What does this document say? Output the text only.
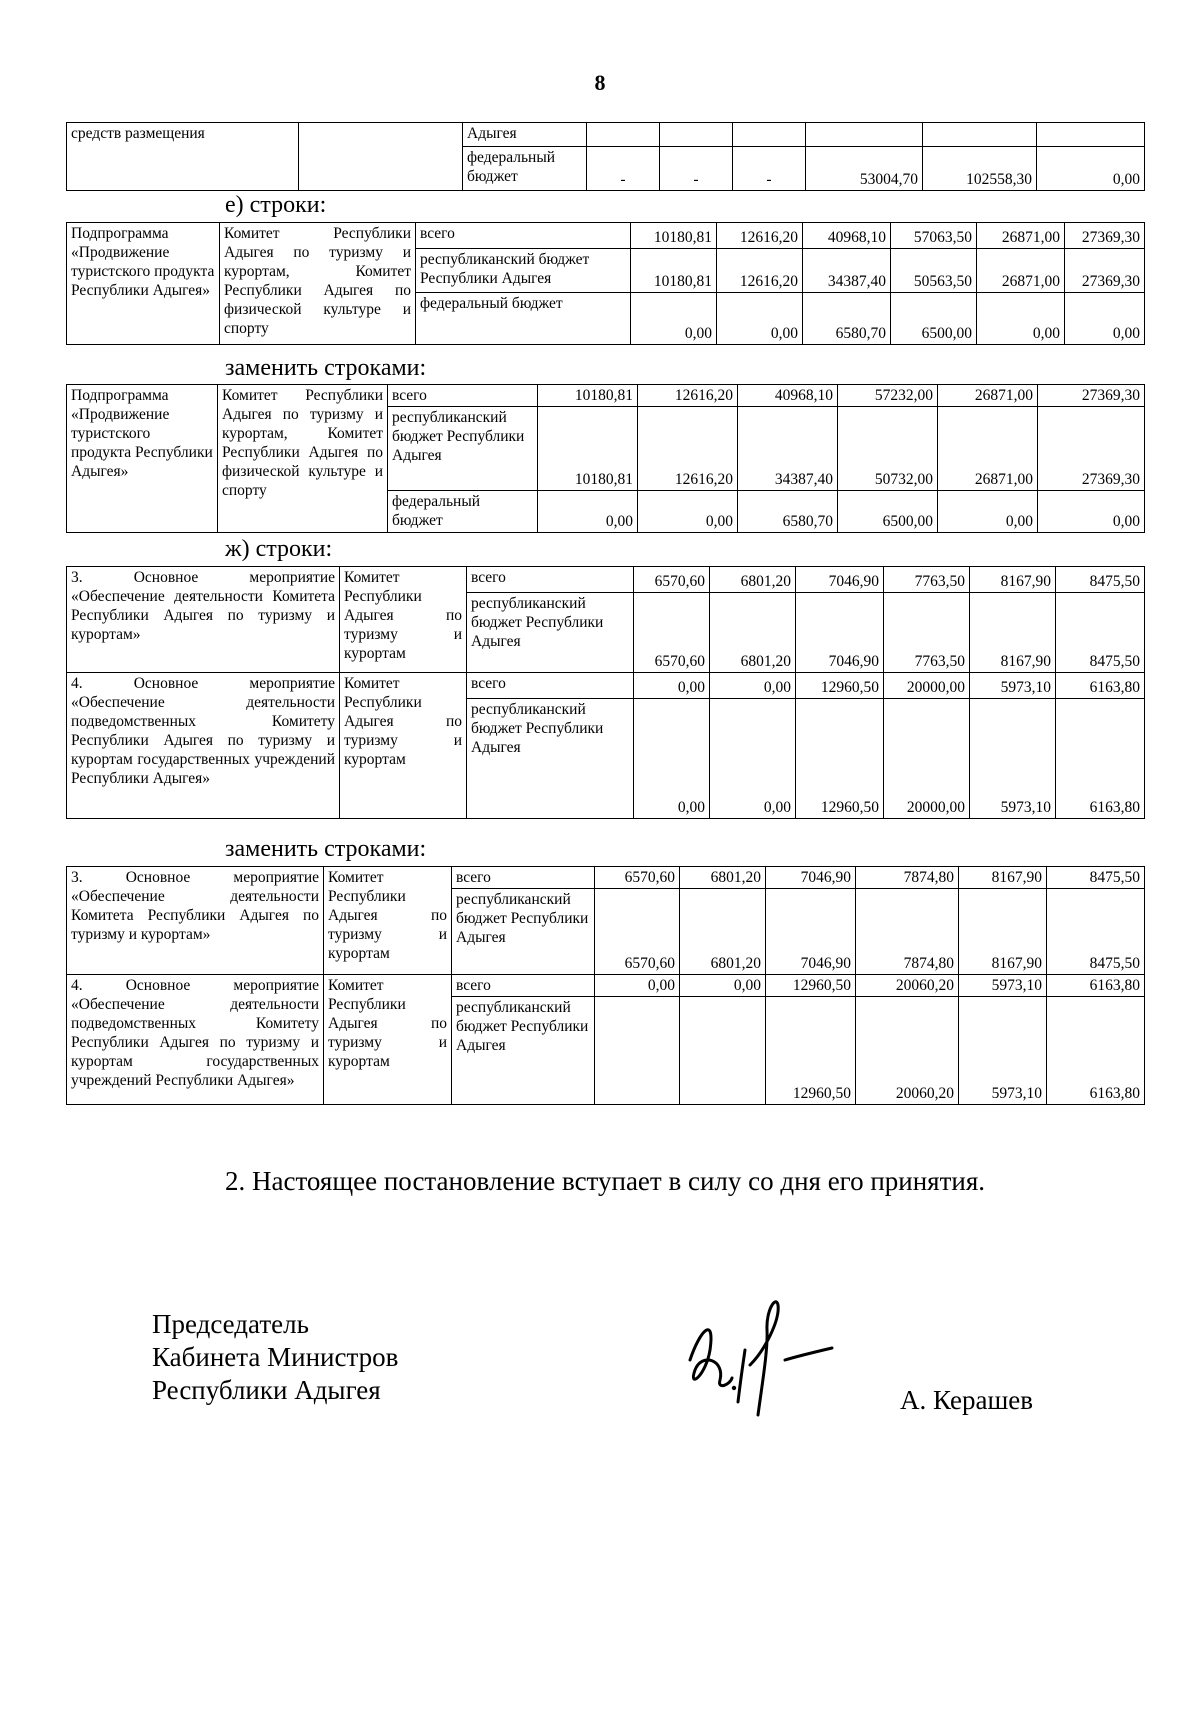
8
средств размещения		Адыгея						
		федеральный бюджет	-	-	-	53004,70	102558,30	0,00
е) строки:
Подпрограмма «Продвижение туристского продукта Республики Адыгея»	Комитет Республики Адыгея по туризму и курортам, Комитет Республики Адыгея по физической культуре и спорту	всего	10180,81	12616,20	40968,10	57063,50	26871,00	27369,30
		республиканский бюджет Республики Адыгея	10180,81	12616,20	34387,40	50563,50	26871,00	27369,30
		федеральный бюджет	0,00	0,00	6580,70	6500,00	0,00	0,00
заменить строками:
Подпрограмма «Продвижение туристского продукта Республики Адыгея»	Комитет Республики Адыгея по туризму и курортам, Комитет Республики Адыгея по физической культуре и спорту	всего	10180,81	12616,20	40968,10	57232,00	26871,00	27369,30
		республиканский бюджет Республики Адыгея	10180,81	12616,20	34387,40	50732,00	26871,00	27369,30
		федеральный бюджет	0,00	0,00	6580,70	6500,00	0,00	0,00
ж) строки:
3. Основное мероприятие «Обеспечение деятельности Комитета Республики Адыгея по туризму и курортам»	Комитет Республики Адыгея по туризму и курортам	всего	6570,60	6801,20	7046,90	7763,50	8167,90	8475,50
		республиканский бюджет Республики Адыгея	6570,60	6801,20	7046,90	7763,50	8167,90	8475,50
4. Основное мероприятие «Обеспечение деятельности подведомственных Комитету Республики Адыгея по туризму и курортам государственных учреждений Республики Адыгея»	Комитет Республики Адыгея по туризму и курортам	всего	0,00	0,00	12960,50	20000,00	5973,10	6163,80
		республиканский бюджет Республики Адыгея	0,00	0,00	12960,50	20000,00	5973,10	6163,80
заменить строками:
3. Основное мероприятие «Обеспечение деятельности Комитета Республики Адыгея по туризму и курортам»	Комитет Республики Адыгея по туризму и курортам	всего	6570,60	6801,20	7046,90	7874,80	8167,90	8475,50
		республиканский бюджет Республики Адыгея	6570,60	6801,20	7046,90	7874,80	8167,90	8475,50
4. Основное мероприятие «Обеспечение деятельности подведомственных Комитету Республики Адыгея по туризму и курортам государственных учреждений Республики Адыгея»	Комитет Республики Адыгея по туризму и курортам	всего	0,00	0,00	12960,50	20060,20	5973,10	6163,80
		республиканский бюджет Республики Адыгея			12960,50	20060,20	5973,10	6163,80
2. Настоящее постановление вступает в силу со дня его принятия.
Председатель
Кабинета Министров
Республики Адыгея	А. Керашев
